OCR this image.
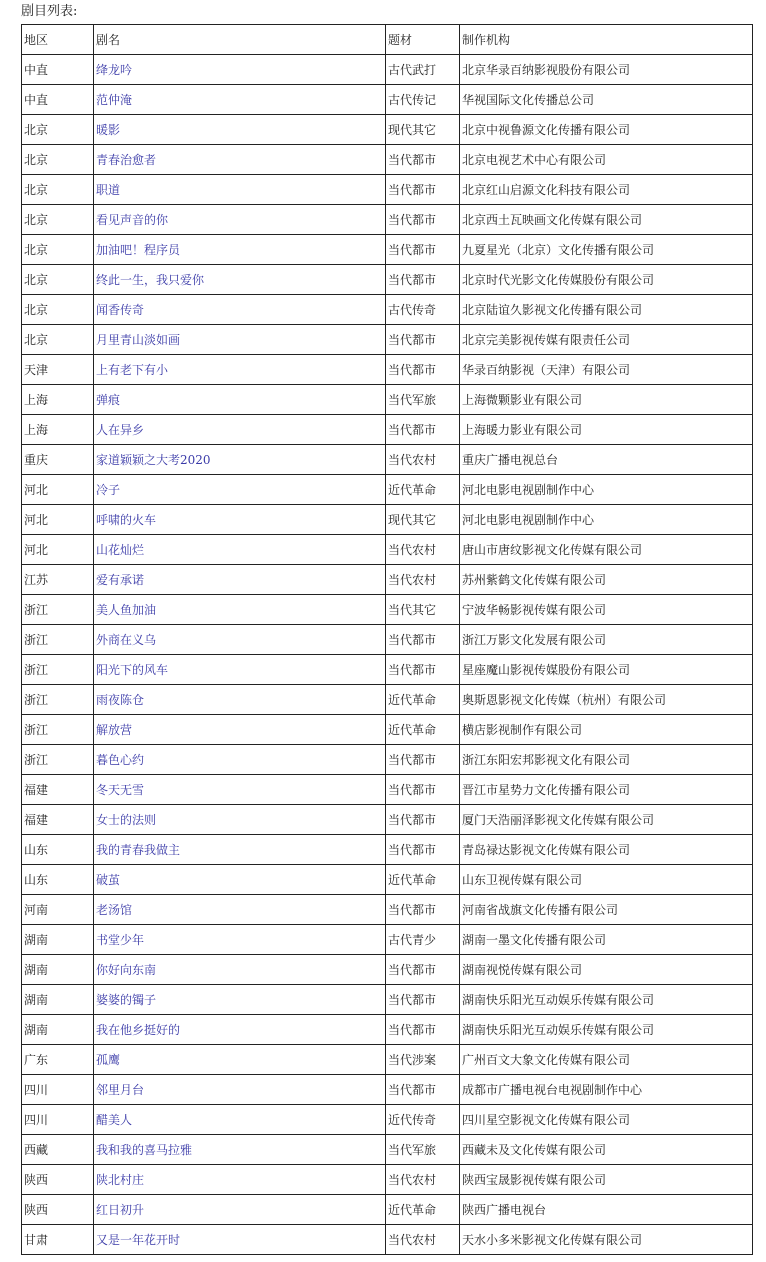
剧目列表:
地区	剧名	题材	制作机构
中直	绛龙吟	古代武打	北京华录百纳影视股份有限公司
中直	范仲淹	古代传记	华视国际文化传播总公司
北京	暖影	现代其它	北京中视鲁源文化传播有限公司
北京	青春治愈者	当代都市	北京电视艺术中心有限公司
北京	职道	当代都市	北京红山启源文化科技有限公司
北京	看见声音的你	当代都市	北京西土瓦映画文化传媒有限公司
北京	加油吧！程序员	当代都市	九夏星光（北京）文化传播有限公司
北京	终此一生，我只爱你	当代都市	北京时代光影文化传媒股份有限公司
北京	闻香传奇	古代传奇	北京陆谊久影视文化传播有限公司
北京	月里青山淡如画	当代都市	北京完美影视传媒有限责任公司
天津	上有老下有小	当代都市	华录百纳影视（天津）有限公司
上海	弹痕	当代军旅	上海微颗影业有限公司
上海	人在异乡	当代都市	上海暖力影业有限公司
重庆	家道颖颖之大考2020	当代农村	重庆广播电视总台
河北	冷子	近代革命	河北电影电视剧制作中心
河北	呼啸的火车	现代其它	河北电影电视剧制作中心
河北	山花灿烂	当代农村	唐山市唐纹影视文化传媒有限公司
江苏	爱有承诺	当代农村	苏州紫鹤文化传媒有限公司
浙江	美人鱼加油	当代其它	宁波华畅影视传媒有限公司
浙江	外商在义乌	当代都市	浙江万影文化发展有限公司
浙江	阳光下的风车	当代都市	星座魔山影视传媒股份有限公司
浙江	雨夜陈仓	近代革命	奥斯恩影视文化传媒（杭州）有限公司
浙江	解放营	近代革命	横店影视制作有限公司
浙江	暮色心约	当代都市	浙江东阳宏邦影视文化有限公司
福建	冬天无雪	当代都市	晋江市星势力文化传播有限公司
福建	女士的法则	当代都市	厦门天浩丽泽影视文化传媒有限公司
山东	我的青春我做主	当代都市	青岛禄达影视文化传媒有限公司
山东	破茧	近代革命	山东卫视传媒有限公司
河南	老汤馆	当代都市	河南省战旗文化传播有限公司
湖南	书堂少年	古代青少	湖南一墨文化传播有限公司
湖南	你好向东南	当代都市	湖南视悦传媒有限公司
湖南	婆婆的镯子	当代都市	湖南快乐阳光互动娱乐传媒有限公司
湖南	我在他乡挺好的	当代都市	湖南快乐阳光互动娱乐传媒有限公司
广东	孤鹰	当代涉案	广州百文大象文化传媒有限公司
四川	邻里月台	当代都市	成都市广播电视台电视剧制作中心
四川	醋美人	近代传奇	四川星空影视文化传媒有限公司
西藏	我和我的喜马拉雅	当代军旅	西藏未及文化传媒有限公司
陕西	陕北村庄	当代农村	陕西宝晟影视传媒有限公司
陕西	红日初升	近代革命	陕西广播电视台
甘肃	又是一年花开时	当代农村	天水小多米影视文化传媒有限公司
